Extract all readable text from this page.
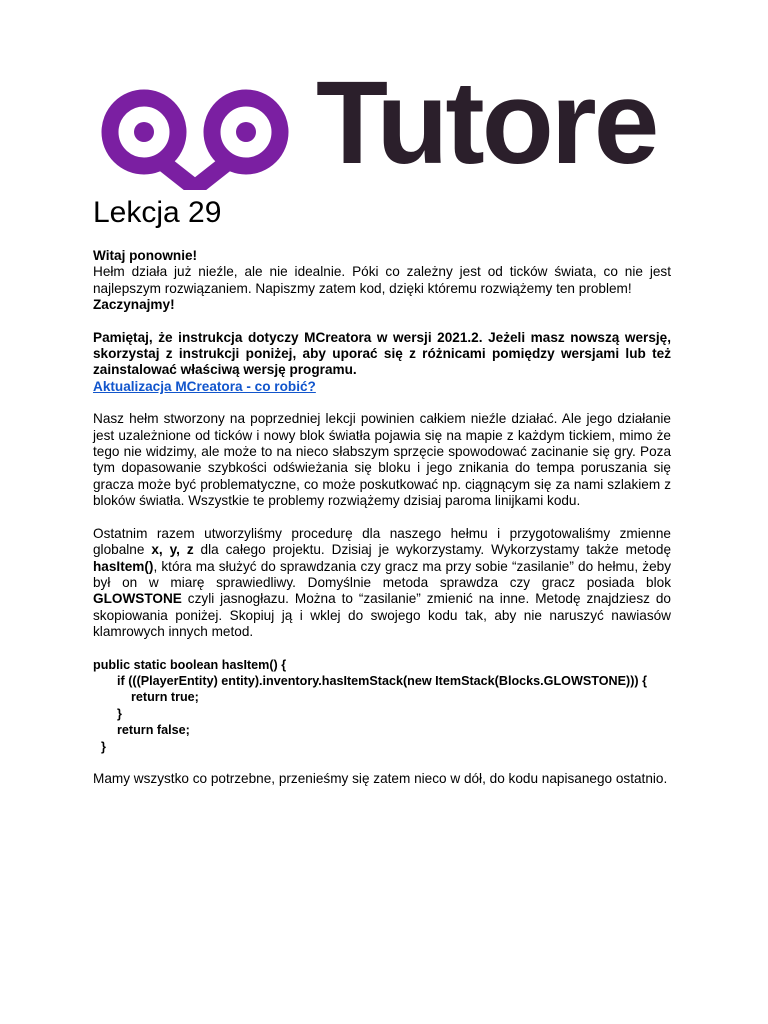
Tutore
Lekcja 29

Witaj ponownie!

Hełm działa już nieźle, ale nie idealnie. Póki co zależny jest od ticków świata, co nie jest najlepszym rozwiązaniem. Napiszmy zatem kod, dzięki któremu rozwiążemy ten problem!

Zaczynajmy!

Pamiętaj, że instrukcja dotyczy MCreatora w wersji 2021.2. Jeżeli masz nowszą wersję, skorzystaj z instrukcji poniżej, aby uporać się z różnicami pomiędzy wersjami lub też zainstalować właściwą wersję programu.

Aktualizacja MCreatora - co robić?

Nasz hełm stworzony na poprzedniej lekcji powinien całkiem nieźle działać. Ale jego działanie jest uzależnione od ticków i nowy blok światła pojawia się na mapie z każdym tickiem, mimo że tego nie widzimy, ale może to na nieco słabszym sprzęcie spowodować zacinanie się gry. Poza tym dopasowanie szybkości odświeżania się bloku i jego znikania do tempa poruszania się gracza może być problematyczne, co może poskutkować np. ciągnącym się za nami szlakiem z bloków światła. Wszystkie te problemy rozwiążemy dzisiaj paroma linijkami kodu.

Ostatnim razem utworzyliśmy procedurę dla naszego hełmu i przygotowaliśmy zmienne globalne x, y, z dla całego projektu. Dzisiaj je wykorzystamy. Wykorzystamy także metodę hasItem(), która ma służyć do sprawdzania czy gracz ma przy sobie “zasilanie” do hełmu, żeby był on w miarę sprawiedliwy. Domyślnie metoda sprawdza czy gracz posiada blok GLOWSTONE czyli jasnogłazu. Można to “zasilanie” zmienić na inne. Metodę znajdziesz do skopiowania poniżej. Skopiuj ją i wklej do swojego kodu tak, aby nie naruszyć nawiasów klamrowych innych metod.

public static boolean hasItem() {
if (((PlayerEntity) entity).inventory.hasItemStack(new ItemStack(Blocks.GLOWSTONE))) {
return true;
}
return false;
}

Mamy wszystko co potrzebne, przenieśmy się zatem nieco w dół, do kodu napisanego ostatnio.
